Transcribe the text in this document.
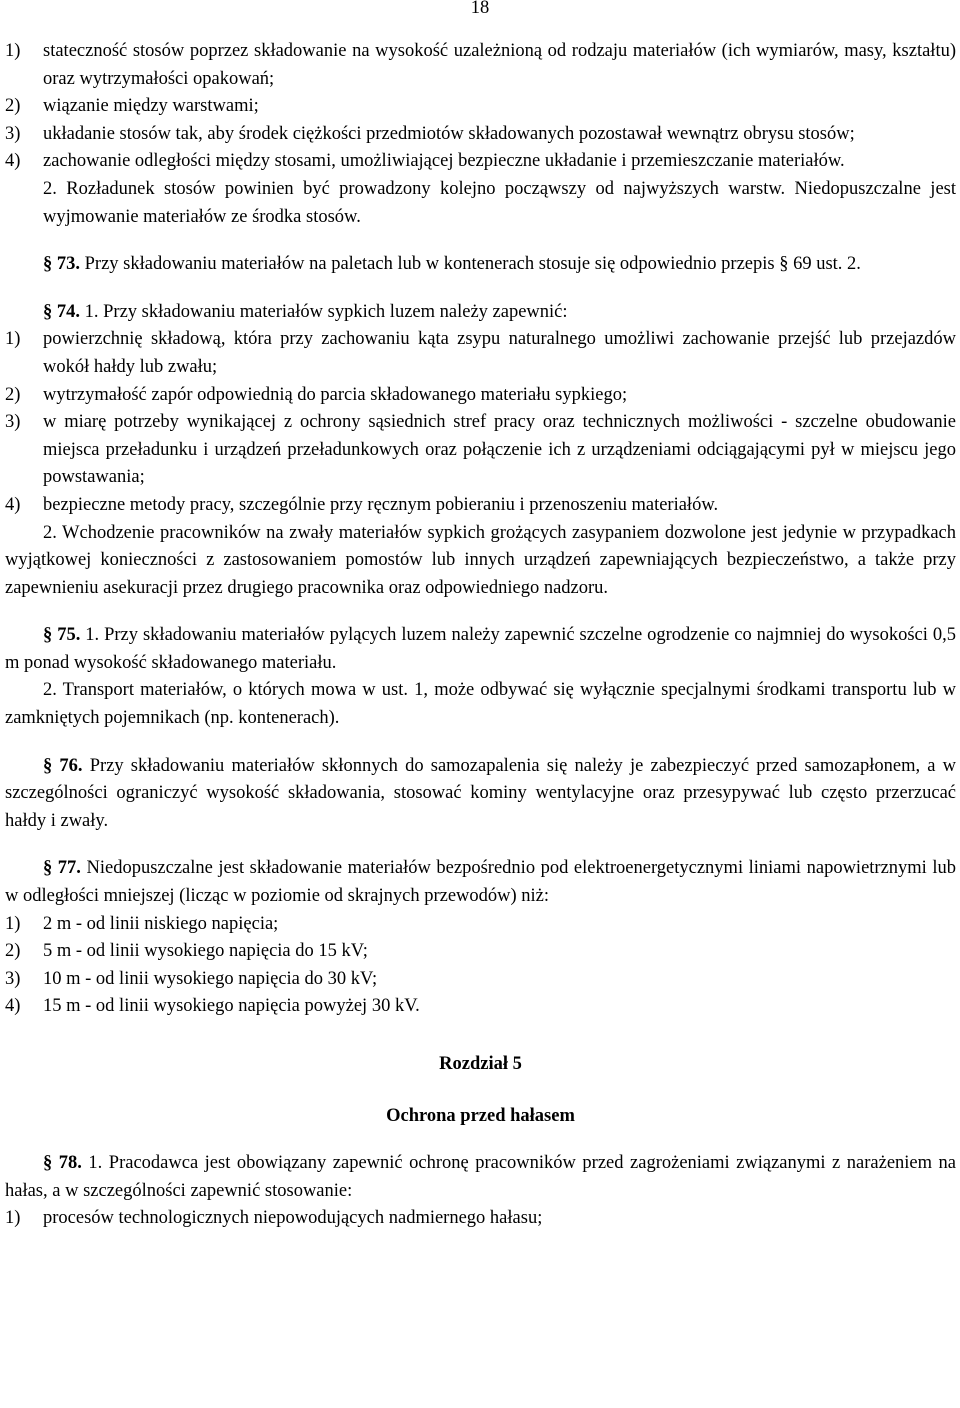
18
1)	stateczność stosów poprzez składowanie na wysokość uzależnioną od rodzaju materiałów (ich wymiarów, masy, kształtu) oraz wytrzymałości opakowań;
2)	wiązanie między warstwami;
3)	układanie stosów tak, aby środek ciężkości przedmiotów składowanych pozostawał wewnątrz obrysu stosów;
4)	zachowanie odległości między stosami, umożliwiającej bezpieczne układanie i przemieszczanie materiałów.

2. Rozładunek stosów powinien być prowadzony kolejno począwszy od najwyższych warstw. Niedopuszczalne jest wyjmowanie materiałów ze środka stosów.

§ 73. Przy składowaniu materiałów na paletach lub w kontenerach stosuje się odpowiednio przepis § 69 ust. 2.

§ 74. 1. Przy składowaniu materiałów sypkich luzem należy zapewnić:

1)	powierzchnię składową, która przy zachowaniu kąta zsypu naturalnego umożliwi zachowanie przejść lub przejazdów wokół hałdy lub zwału;
2)	wytrzymałość zapór odpowiednią do parcia składowanego materiału sypkiego;
3)	w miarę potrzeby wynikającej z ochrony sąsiednich stref pracy oraz technicznych możliwości - szczelne obudowanie miejsca przeładunku i urządzeń przeładunkowych oraz połączenie ich z urządzeniami odciągającymi pył w miejscu jego powstawania;
4)	bezpieczne metody pracy, szczególnie przy ręcznym pobieraniu i przenoszeniu materiałów.

2. Wchodzenie pracowników na zwały materiałów sypkich grożących zasypaniem dozwolone jest jedynie w przypadkach wyjątkowej konieczności z zastosowaniem pomostów lub innych urządzeń zapewniających bezpieczeństwo, a także przy zapewnieniu asekuracji przez drugiego pracownika oraz odpowiedniego nadzoru.

§ 75. 1. Przy składowaniu materiałów pylących luzem należy zapewnić szczelne ogrodzenie co najmniej do wysokości 0,5 m ponad wysokość składowanego materiału.

2. Transport materiałów, o których mowa w ust. 1, może odbywać się wyłącznie specjalnymi środkami transportu lub w zamkniętych pojemnikach (np. kontenerach).

§ 76. Przy składowaniu materiałów skłonnych do samozapalenia się należy je zabezpieczyć przed samozapłonem, a w szczególności ograniczyć wysokość składowania, stosować kominy wentylacyjne oraz przesypywać lub często przerzucać hałdy i zwały.

§ 77. Niedopuszczalne jest składowanie materiałów bezpośrednio pod elektroenergetycznymi liniami napowietrznymi lub w odległości mniejszej (licząc w poziomie od skrajnych przewodów) niż:

1)	2 m - od linii niskiego napięcia;
2)	5 m - od linii wysokiego napięcia do 15 kV;
3)	10 m - od linii wysokiego napięcia do 30 kV;
4)	15 m - od linii wysokiego napięcia powyżej 30 kV.

Rozdział 5

Ochrona przed hałasem

§ 78. 1. Pracodawca jest obowiązany zapewnić ochronę pracowników przed zagrożeniami związanymi z narażeniem na hałas, a w szczególności zapewnić stosowanie:

1)	procesów technologicznych niepowodujących nadmiernego hałasu;
